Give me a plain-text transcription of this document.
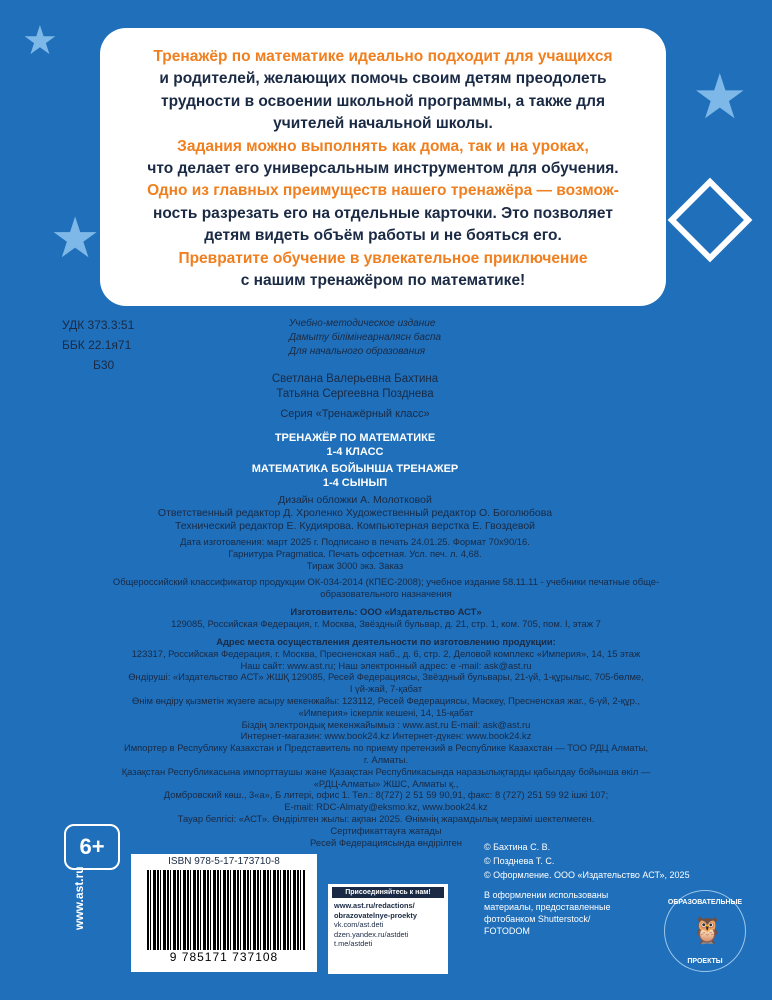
★
★
★
Тренажёр по математике идеально подходит для учащихся
и родителей, желающих помочь своим детям преодолеть
трудности в освоении школьной программы, а также для
учителей начальной школы.
Задания можно выполнять как дома, так и на уроках,
что делает его универсальным инструментом для обучения.
Одно из главных преимуществ нашего тренажёра — возмож-
ность разрезать его на отдельные карточки. Это позволяет
детям видеть объём работы и не бояться его.
Превратите обучение в увлекательное приключение
с нашим тренажёром по математике!
УДК 373.3:51
ББК 22.1я71
Б30
Учебно-методическое издание
Дамыту бiлiмiнеарналясн баспа
Для начального образования
Светлана Валерьевна Бахтина
Татьяна Сергеевна Позднева
Серия «Тренажёрный класс»
ТРЕНАЖЁР ПО МАТЕМАТИКЕ
1-4 КЛАСС
МАТЕМАТИКА БОЙЫНША ТРЕНАЖЕР
1-4 СЫНЫП
Дизайн обложки А. Молотковой
Ответственный редактор Д. Хроленко Художественный редактор О. Боголюбова
Технический редактор Е. Кудиярова. Компьютерная верстка Е. Гвоздевой
Дата изготовления: март 2025 г. Подписано в печать 24.01.25. Формат 70х90/16.
Гарнитура Pragmatica. Печать офсетная. Усл. печ. л. 4,68.
Тираж 3000 экз. Заказ
Общероссийский классификатор продукции ОК-034-2014 (КПЕС-2008); учебное издание 58.11.11 - учебники печатные обще-
образовательного назначения
Изготовитель: ООО «Издательство АСТ»
129085, Российская Федерация, г. Москва, Звёздный бульвар, д. 21, стр. 1, ком. 705, пом. I, этаж 7
Адрес места осуществления деятельности по изготовлению продукции:
123317, Российская Федерация, г. Москва, Пресненская наб., д. 6, стр. 2, Деловой комплекс «Империя», 14, 15 этаж
Наш сайт: www.ast.ru; Наш электронный адрес: e -mail: ask@ast.ru
Өндіруші: «Издательство АСТ» ЖШҚ 129085, Ресей Федерациясы, Звёздный бульвары, 21-үй, 1-құрылыс, 705-бөлме,
I үй-жай, 7-қабат
Өнім өндіру қызметін жүзеге асыру мекенжайы: 123112, Ресей Федерациясы, Мәскеу, Пресненская жаг., 6-үй, 2-құр.,
«Империя» іскерлік кешені, 14, 15-қабат
Біздің электрондық мекенжайымыз : www.ast.ru E-mail: ask@ast.ru
Интернет-магазин: www.book24.kz Интернет-дүкен: www.book24.kz
Импортер в Республику Казахстан и Представитель по приему претензий в Республике Казахстан — ТОО РДЦ Алматы,
г. Алматы.
Қазақстан Республикасына импорттаушы және Қазақстан Республикасында наразылықтарды қабылдау бойынша өкіл —
«РДЦ-Алматы» ЖШС, Алматы қ.,
Домбровский көш., 3«а», Б литері, офис 1. Тел.: 8(727) 2 51 59 90,91, факс: 8 (727) 251 59 92 ішкі 107;
E-mail: RDC-Almaty@eksmo.kz, www.book24.kz
Тауар белгісі: «АСТ». Өндірілген жылы: ақпан 2025. Өнімнің жарамдылық мерзімі шектелмеген.
Сертификаттауға жатады
Ресей Федерациясында өндірілген
6+
www.ast.ru
ISBN 978-5-17-173710-8
9 785171 737108
Присоединяйтесь к нам!
www.ast.ru/redactions/
obrazovatelnye-proekty
vk.com/ast.deti
dzen.yandex.ru/astdeti
t.me/astdeti
© Бахтина С. В.
© Позднева Т. С.
© Оформление. ООО «Издательство АСТ», 2025
В оформлении использованы
материалы, предоставленные
фотобанком Shutterstock/
FOTODOM
ОБРАЗОВАТЕЛЬНЫЕ
🦉
ПРОЕКТЫ
